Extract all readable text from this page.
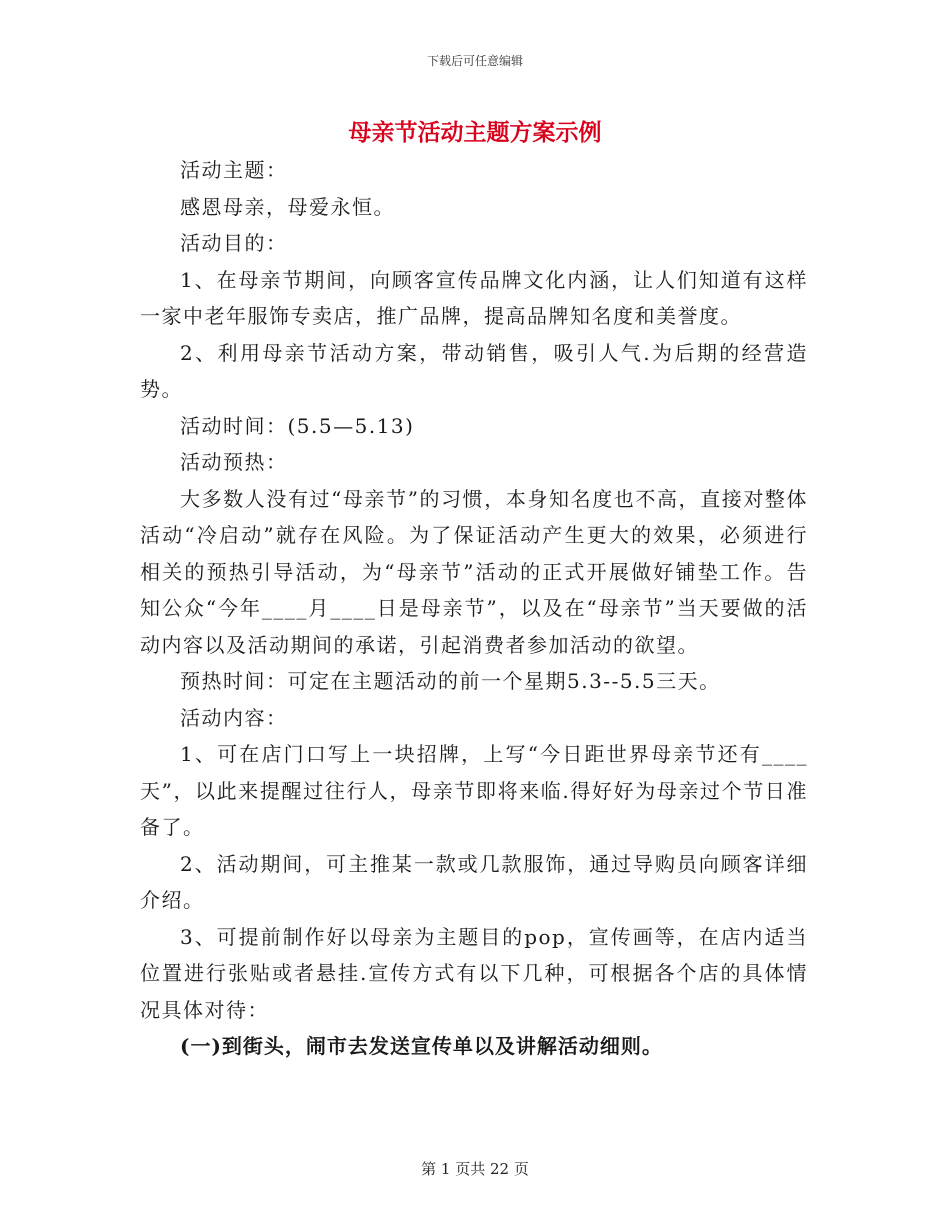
下载后可任意编辑
母亲节活动主题方案示例

活动主题：

感恩母亲，母爱永恒。

活动目的：

1、在母亲节期间，向顾客宣传品牌文化内涵，让人们知道有这样一家中老年服饰专卖店，推广品牌，提高品牌知名度和美誉度。

2、利用母亲节活动方案，带动销售，吸引人气.为后期的经营造势。

活动时间：(5.5—5.13)

活动预热：

大多数人没有过“母亲节”的习惯，本身知名度也不高，直接对整体活动“冷启动”就存在风险。为了保证活动产生更大的效果，必须进行相关的预热引导活动，为“母亲节”活动的正式开展做好铺垫工作。告知公众“今年____月____日是母亲节”，以及在“母亲节”当天要做的活动内容以及活动期间的承诺，引起消费者参加活动的欲望。

预热时间：可定在主题活动的前一个星期5.3--5.5三天。

活动内容：

1、可在店门口写上一块招牌，上写“今日距世界母亲节还有____天”，以此来提醒过往行人，母亲节即将来临.得好好为母亲过个节日准备了。

2、活动期间，可主推某一款或几款服饰，通过导购员向顾客详细介绍。

3、可提前制作好以母亲为主题目的pop，宣传画等，在店内适当位置进行张贴或者悬挂.宣传方式有以下几种，可根据各个店的具体情况具体对待：

(一)到街头，闹市去发送宣传单以及讲解活动细则。

第 1 页共 22 页
